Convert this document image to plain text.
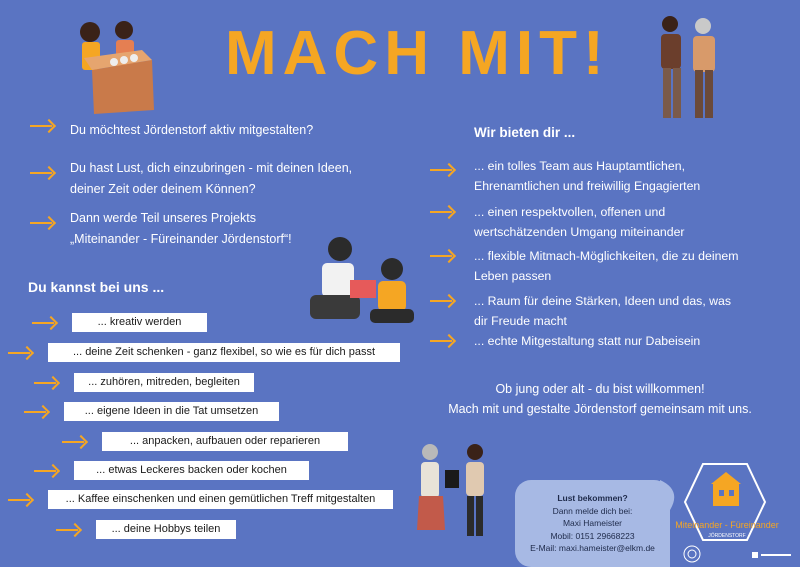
MACH MIT!
Du möchtest Jördenstorf aktiv mitgestalten?
Du hast Lust, dich einzubringen - mit deinen Ideen,
deiner Zeit oder deinem Können?
Dann werde Teil unseres Projekts
„Miteinander - Füreinander Jördenstorf“!
Du kannst bei uns ...
... kreativ werden
... deine Zeit schenken - ganz flexibel, so wie es für dich passt
... zuhören, mitreden, begleiten
... eigene Ideen in die Tat umsetzen
... anpacken, aufbauen oder reparieren
... etwas Leckeres backen oder kochen
... Kaffee einschenken und einen gemütlichen Treff mitgestalten
... deine Hobbys teilen
Wir bieten dir ...
... ein tolles Team aus Hauptamtlichen,
Ehrenamtlichen und freiwillig Engagierten
... einen respektvollen, offenen und
wertschätzenden Umgang miteinander
... flexible Mitmach-Möglichkeiten, die zu deinem
Leben passen
... Raum für deine Stärken, Ideen und das, was
dir Freude macht
... echte Mitgestaltung statt nur Dabeisein
Ob jung oder alt - du bist willkommen!
Mach mit und gestalte Jördenstorf gemeinsam mit uns.
Lust bekommen?
Dann melde dich bei:
Maxi Hameister
Mobil: 0151 29668223
E-Mail: maxi.hameister@elkm.de
Miteinander - Füreinander
JÖRDENSTORF
